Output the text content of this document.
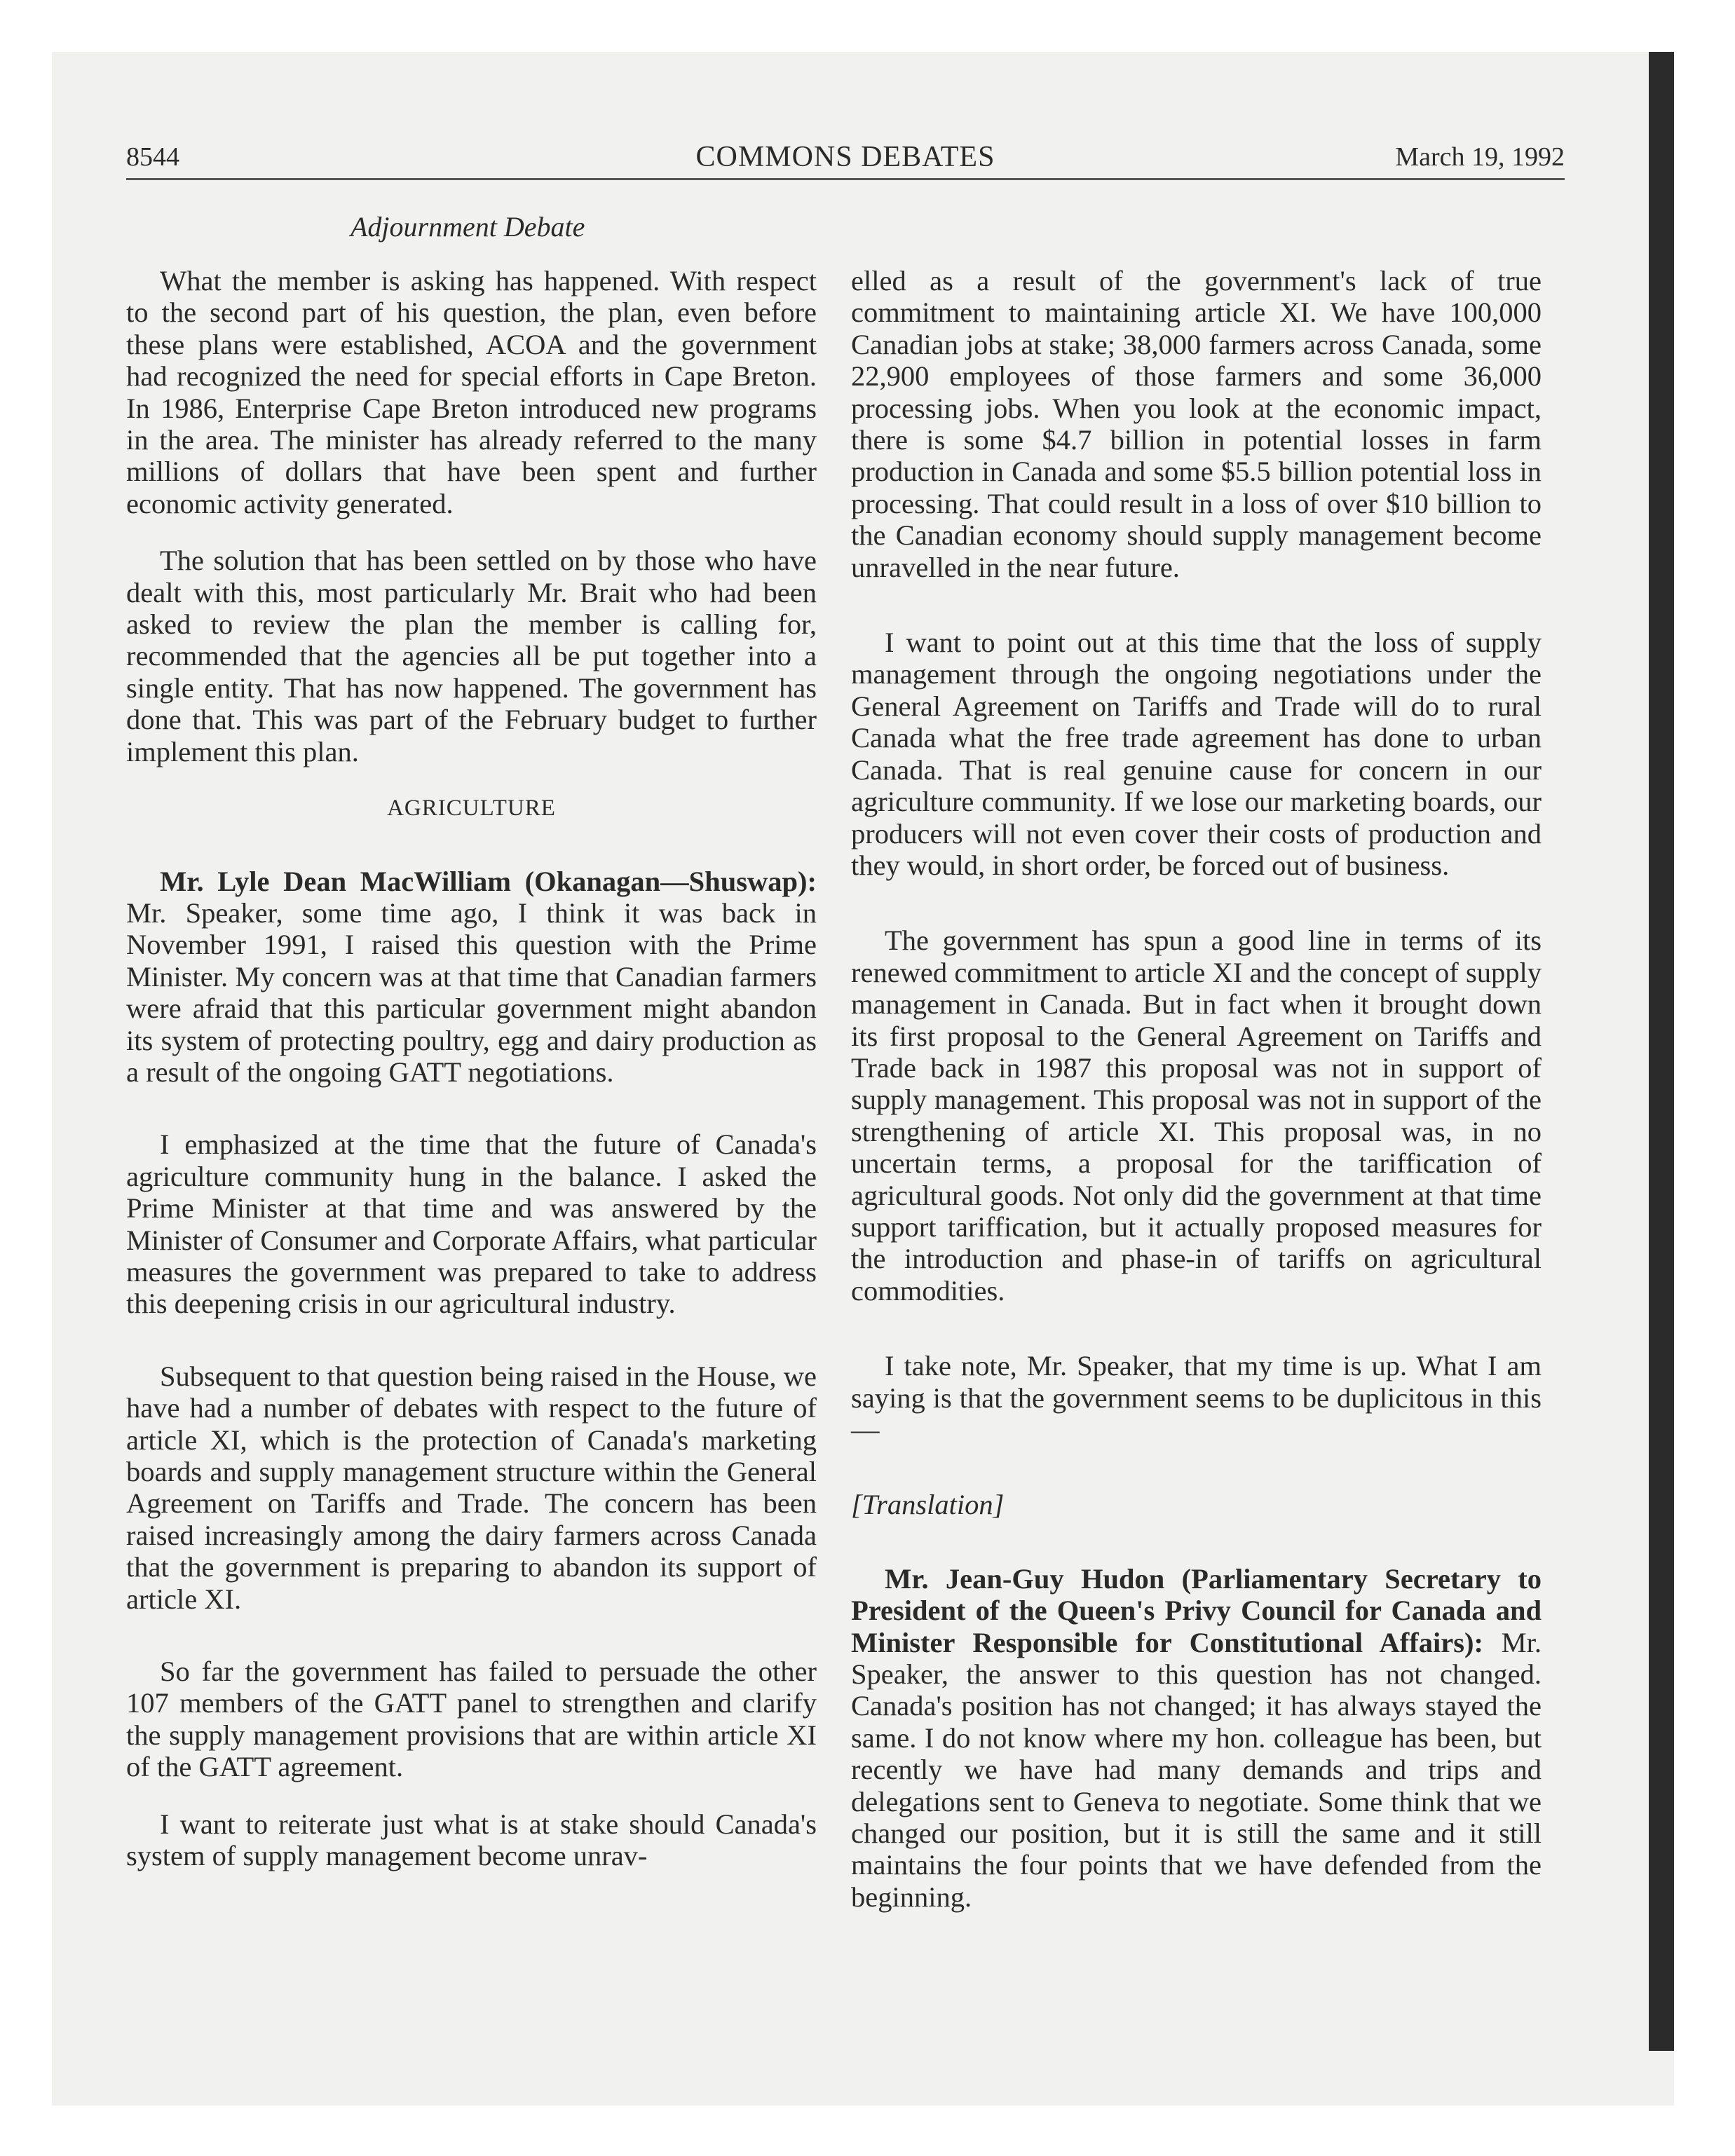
8544	COMMONS DEBATES	March 19, 1992
Adjournment Debate

What the member is asking has happened. With respect to the second part of his question, the plan, even before these plans were established, ACOA and the government had recognized the need for special efforts in Cape Breton. In 1986, Enterprise Cape Breton introduced new programs in the area. The minister has already referred to the many millions of dollars that have been spent and further economic activity generated.

The solution that has been settled on by those who have dealt with this, most particularly Mr. Brait who had been asked to review the plan the member is calling for, recommended that the agencies all be put together into a single entity. That has now happened. The government has done that. This was part of the February budget to further implement this plan.

AGRICULTURE

Mr. Lyle Dean MacWilliam (Okanagan—Shuswap): Mr. Speaker, some time ago, I think it was back in November 1991, I raised this question with the Prime Minister. My concern was at that time that Canadian farmers were afraid that this particular government might abandon its system of protecting poultry, egg and dairy production as a result of the ongoing GATT negotiations.

I emphasized at the time that the future of Canada's agriculture community hung in the balance. I asked the Prime Minister at that time and was answered by the Minister of Consumer and Corporate Affairs, what particular measures the government was prepared to take to address this deepening crisis in our agricultural industry.

Subsequent to that question being raised in the House, we have had a number of debates with respect to the future of article XI, which is the protection of Canada's marketing boards and supply management structure within the General Agreement on Tariffs and Trade. The concern has been raised increasingly among the dairy farmers across Canada that the government is preparing to abandon its support of article XI.

So far the government has failed to persuade the other 107 members of the GATT panel to strengthen and clarify the supply management provisions that are within article XI of the GATT agreement.

I want to reiterate just what is at stake should Canada's system of supply management become unrav-

elled as a result of the government's lack of true commitment to maintaining article XI. We have 100,000 Canadian jobs at stake; 38,000 farmers across Canada, some 22,900 employees of those farmers and some 36,000 processing jobs. When you look at the economic impact, there is some $4.7 billion in potential losses in farm production in Canada and some $5.5 billion potential loss in processing. That could result in a loss of over $10 billion to the Canadian economy should supply management become unravelled in the near future.

I want to point out at this time that the loss of supply management through the ongoing negotiations under the General Agreement on Tariffs and Trade will do to rural Canada what the free trade agreement has done to urban Canada. That is real genuine cause for concern in our agriculture community. If we lose our marketing boards, our producers will not even cover their costs of production and they would, in short order, be forced out of business.

The government has spun a good line in terms of its renewed commitment to article XI and the concept of supply management in Canada. But in fact when it brought down its first proposal to the General Agreement on Tariffs and Trade back in 1987 this proposal was not in support of supply management. This proposal was not in support of the strengthening of article XI. This proposal was, in no uncertain terms, a proposal for the tariffication of agricultural goods. Not only did the government at that time support tariffication, but it actually proposed measures for the introduction and phase-in of tariffs on agricultural commodities.

I take note, Mr. Speaker, that my time is up. What I am saying is that the government seems to be duplicitous in this—

[Translation]

Mr. Jean-Guy Hudon (Parliamentary Secretary to President of the Queen's Privy Council for Canada and Minister Responsible for Constitutional Affairs): Mr. Speaker, the answer to this question has not changed. Canada's position has not changed; it has always stayed the same. I do not know where my hon. colleague has been, but recently we have had many demands and trips and delegations sent to Geneva to negotiate. Some think that we changed our position, but it is still the same and it still maintains the four points that we have defended from the beginning.
